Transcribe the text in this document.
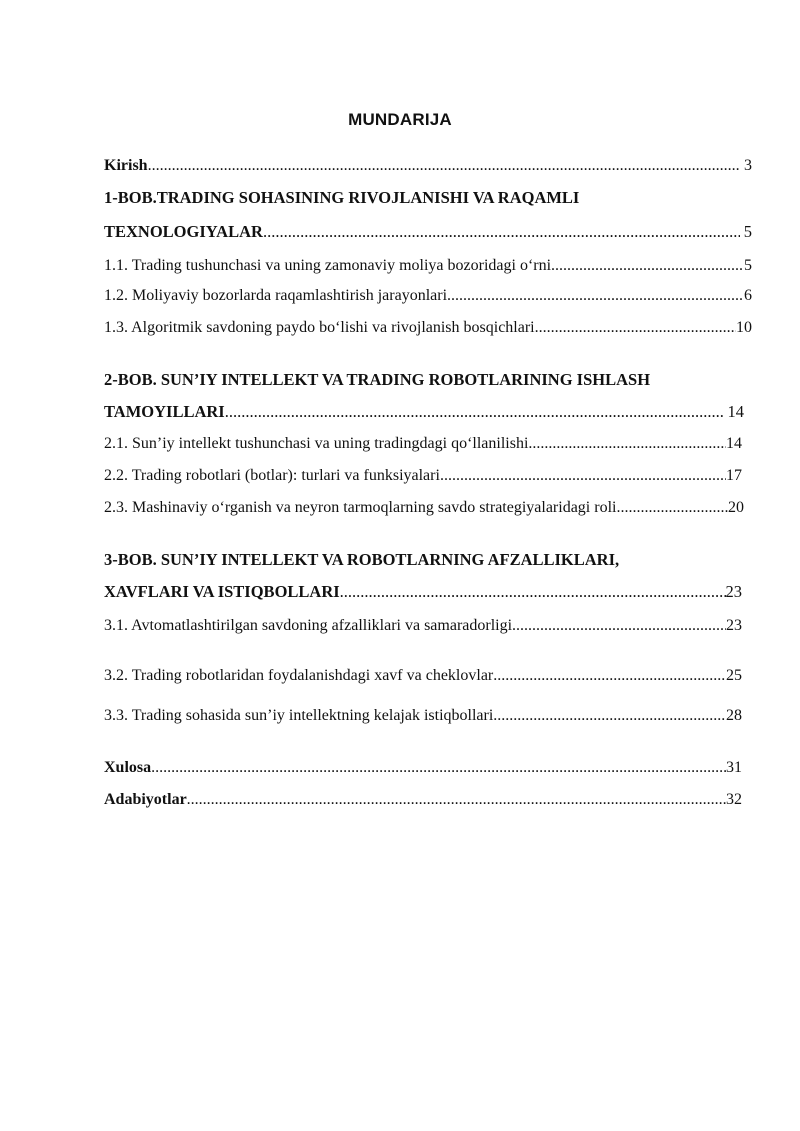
MUNDARIJA
Kirish .....	3
1-BOB.TRADING SOHASINING RIVOJLANISHI VA RAQAMLI
TEXNOLOGIYALAR .....	5
1.1. Trading tushunchasi va uning zamonaviy moliya bozoridagi o‘rni .....	5
1.2. Moliyaviy bozorlarda raqamlashtirish jarayonlari .....	6
1.3. Algoritmik savdoning paydo bo‘lishi va rivojlanish bosqichlari .....	10
2-BOB. SUN’IY INTELLEKT VA TRADING ROBOTLARINING ISHLASH
TAMOYILLARI .....	14
2.1. Sun’iy intellekt tushunchasi va uning tradingdagi qo‘llanilishi .....	14
2.2. Trading robotlari (botlar): turlari va funksiyalari .....	17
2.3. Mashinaviy o‘rganish va neyron tarmoqlarning savdo strategiyalaridagi roli .....	20
3-BOB. SUN’IY INTELLEKT VA ROBOTLARNING AFZALLIKLARI,
XAVFLARI VA ISTIQBOLLARI .....	23
3.1. Avtomatlashtirilgan savdoning afzalliklari va samaradorligi .....	23
3.2. Trading robotlaridan foydalanishdagi xavf va cheklovlar .....	25
3.3. Trading sohasida sun’iy intellektning kelajak istiqbollari .....	28
Xulosa .....	31
Adabiyotlar .....	32
